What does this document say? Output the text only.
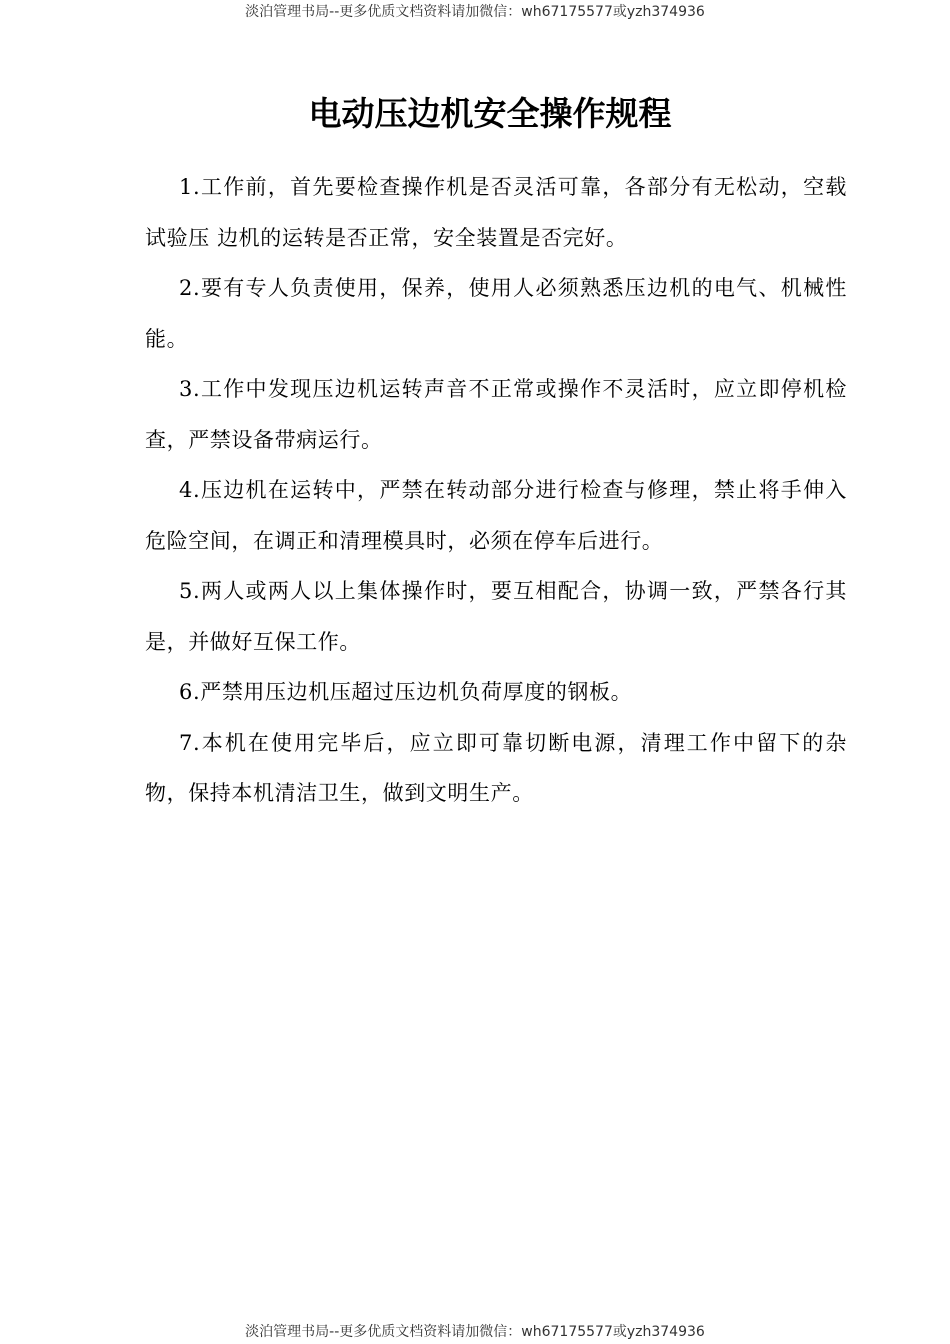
淡泊管理书局--更多优质文档资料请加微信：wh67175577或yzh374936
电动压边机安全操作规程

1.工作前，首先要检查操作机是否灵活可靠，各部分有无松动，空载试验压 边机的运转是否正常，安全装置是否完好。

2.要有专人负责使用，保养，使用人必须熟悉压边机的电气、机械性能。

3.工作中发现压边机运转声音不正常或操作不灵活时，应立即停机检查，严禁设备带病运行。

4.压边机在运转中，严禁在转动部分进行检查与修理，禁止将手伸入危险空间，在调正和清理模具时，必须在停车后进行。

5.两人或两人以上集体操作时，要互相配合，协调一致，严禁各行其是，并做好互保工作。

6.严禁用压边机压超过压边机负荷厚度的钢板。

7.本机在使用完毕后，应立即可靠切断电源，清理工作中留下的杂物，保持本机清洁卫生，做到文明生产。

淡泊管理书局--更多优质文档资料请加微信：wh67175577或yzh374936
